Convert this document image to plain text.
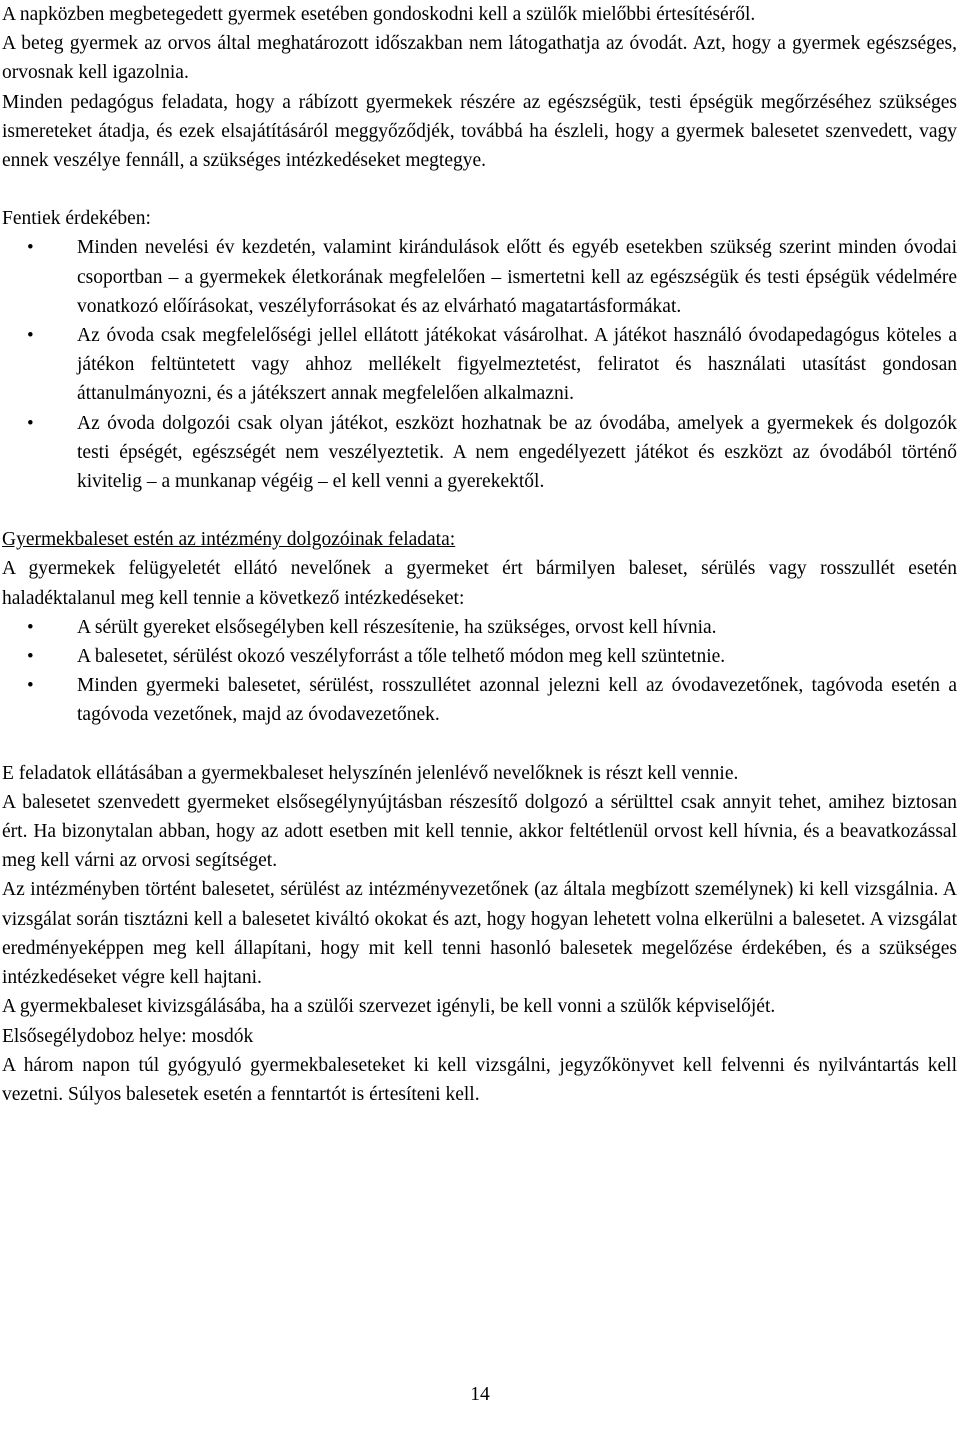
A napközben megbetegedett gyermek esetében gondoskodni kell a szülők mielőbbi értesítéséről.

A beteg gyermek az orvos által meghatározott időszakban nem látogathatja az óvodát. Azt, hogy a gyermek egészséges, orvosnak kell igazolnia.

Minden pedagógus feladata, hogy a rábízott gyermekek részére az egészségük, testi épségük megőrzéséhez szükséges ismereteket átadja, és ezek elsajátításáról meggyőződjék, továbbá ha észleli, hogy a gyermek balesetet szenvedett, vagy ennek veszélye fennáll, a szükséges intézkedéseket megtegye.

Fentiek érdekében:

• Minden nevelési év kezdetén, valamint kirándulások előtt és egyéb esetekben szükség szerint minden óvodai csoportban – a gyermekek életkorának megfelelően – ismertetni kell az egészségük és testi épségük védelmére vonatkozó előírásokat, veszélyforrásokat és az elvárható magatartásformákat.
• Az óvoda csak megfelelőségi jellel ellátott játékokat vásárolhat. A játékot használó óvodapedagógus köteles a játékon feltüntetett vagy ahhoz mellékelt figyelmeztetést, feliratot és használati utasítást gondosan áttanulmányozni, és a játékszert annak megfelelően alkalmazni.
• Az óvoda dolgozói csak olyan játékot, eszközt hozhatnak be az óvodába, amelyek a gyermekek és dolgozók testi épségét, egészségét nem veszélyeztetik. A nem engedélyezett játékot és eszközt az óvodából történő kivitelig – a munkanap végéig – el kell venni a gyerekektől.

Gyermekbaleset estén az intézmény dolgozóinak feladata:

A gyermekek felügyeletét ellátó nevelőnek a gyermeket ért bármilyen baleset, sérülés vagy rosszullét esetén haladéktalanul meg kell tennie a következő intézkedéseket:

• A sérült gyereket elsősegélyben kell részesítenie, ha szükséges, orvost kell hívnia.
• A balesetet, sérülést okozó veszélyforrást a tőle telhető módon meg kell szüntetnie.
• Minden gyermeki balesetet, sérülést, rosszullétet azonnal jelezni kell az óvodavezetőnek, tagóvoda esetén a tagóvoda vezetőnek, majd az óvodavezetőnek.

E feladatok ellátásában a gyermekbaleset helyszínén jelenlévő nevelőknek is részt kell vennie.

A balesetet szenvedett gyermeket elsősegélynyújtásban részesítő dolgozó a sérülttel csak annyit tehet, amihez biztosan ért. Ha bizonytalan abban, hogy az adott esetben mit kell tennie, akkor feltétlenül orvost kell hívnia, és a beavatkozással meg kell várni az orvosi segítséget.

Az intézményben történt balesetet, sérülést az intézményvezetőnek (az általa megbízott személynek) ki kell vizsgálnia. A vizsgálat során tisztázni kell a balesetet kiváltó okokat és azt, hogy hogyan lehetett volna elkerülni a balesetet. A vizsgálat eredményeképpen meg kell állapítani, hogy mit kell tenni hasonló balesetek megelőzése érdekében, és a szükséges intézkedéseket végre kell hajtani.

A gyermekbaleset kivizsgálásába, ha a szülői szervezet igényli, be kell vonni a szülők képviselőjét.

Elsősegélydoboz helye: mosdók

A három napon túl gyógyuló gyermekbaleseteket ki kell vizsgálni, jegyzőkönyvet kell felvenni és nyilvántartás kell vezetni. Súlyos balesetek esetén a fenntartót is értesíteni kell.

14
